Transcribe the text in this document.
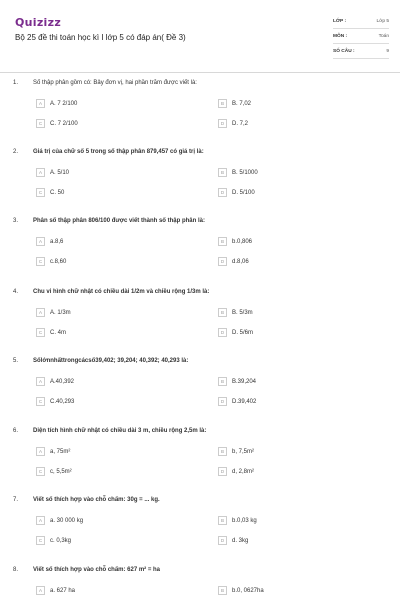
Quizizz
Bộ 25 đề thi toán học kì I lớp 5 có đáp án( Đề 3)
LỚP :	Lớp 5
MÔN :	Toán
SỐ CÂU :	9
1. Số thập phân gồm có: Bảy đơn vị, hai phần trăm được viết là:
A	A. 7 2/100	B	B. 7,02
C	C. 7 2/100	D	D. 7,2
2. Giá trị của chữ số 5 trong số thập phân 879,457 có giá trị là:
A	A. 5/10	B	B. 5/1000
C	C. 50	D	D. 5/100
3. Phân số thập phân 806/100 được viết thành số thập phân là:
A	a.8,6	B	b.0,806
C	c.8,60	D	d.8,06
4. Chu vi hình chữ nhật có chiều dài 1/2m và chiều rộng 1/3m là:
A	A. 1/3m	B	B. 5/3m
C	C. 4m	D	D. 5/6m
5. Sốlớnnhấttrongcácsố39,402; 39,204; 40,392; 40,293 là:
A	A.40,392	B	B.39,204
C	C.40,293	D	D.39,402
6. Diện tích hình chữ nhật có chiều dài 3 m, chiều rộng 2,5m là:
A	a, 75m²	B	b, 7,5m²
C	c, 5,5m²	D	d, 2,8m²
7. Viết số thích hợp vào chỗ chấm: 30g = ... kg.
A	a. 30 000 kg	B	b.0,03 kg
C	c. 0,3kg	D	d. 3kg
8. Viết số thích hợp vào chỗ chấm: 627 m² = ha
A	a. 627 ha	B	b.0, 0627ha
